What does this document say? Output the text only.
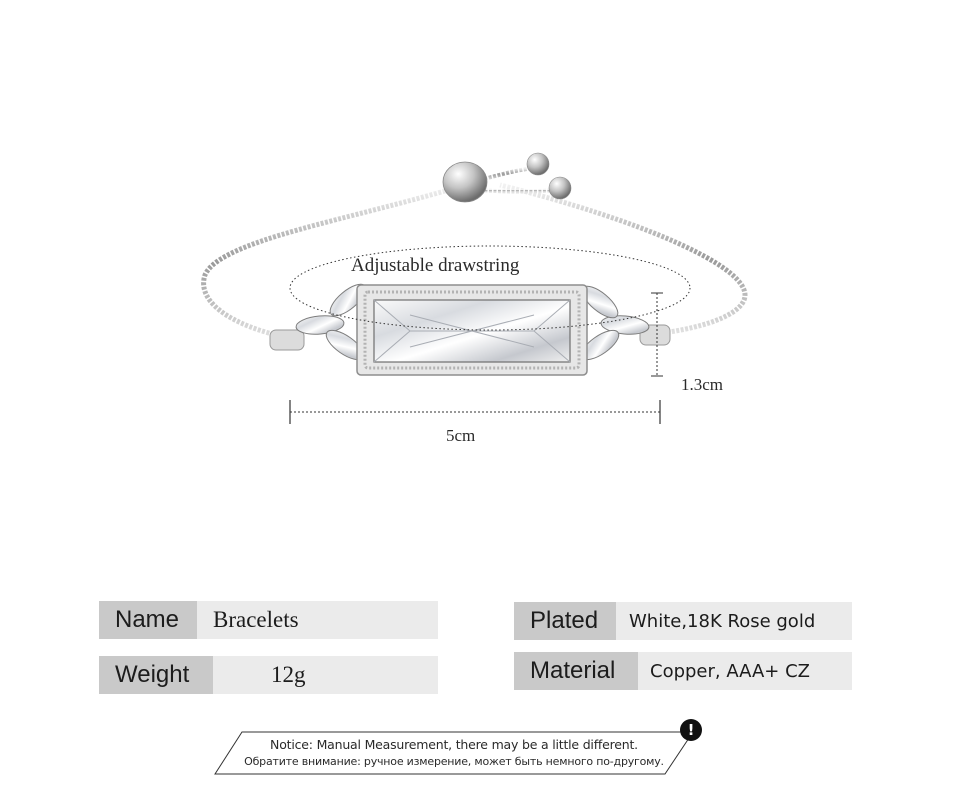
Adjustable drawstring
1.3cm
5cm
Name	Bracelets
Weight	12g
Plated	White,18K Rose gold
Material	Copper, AAA+ CZ
Notice: Manual Measurement, there may be a little different.
Обратите внимание: ручное измерение, может быть немного по-другому.
!
